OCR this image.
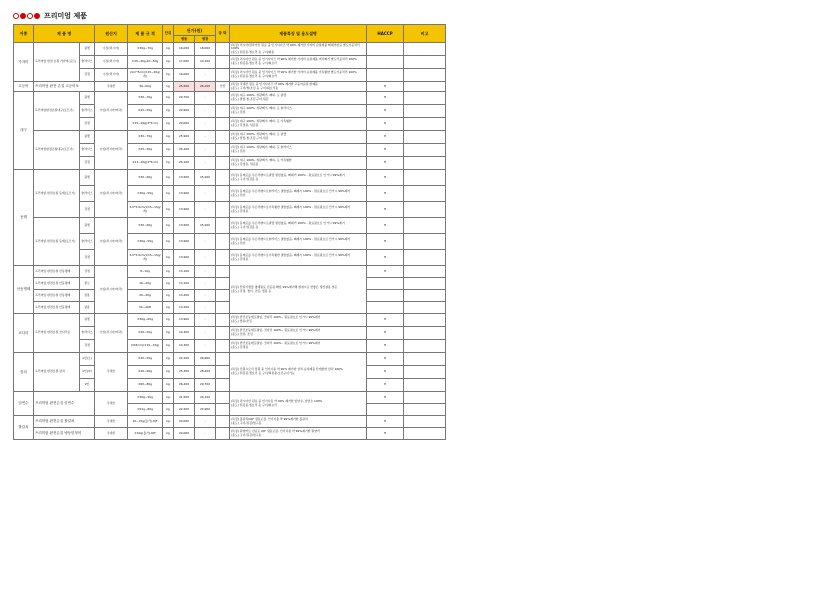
프리미엄 제품
어종	제 품 명		원산지	제 품 규 격	단위	단가(원)		등 락	제품특징 및 용도설명	HACCP	비고
						냉동	냉장				
가자미	프리미엄 완전 손질 가자미(포뜨)	필렛	수입(러시아)	±30g~70g	kg	16,000	18,000		(특징) 러시아/캄차카산 원료 중 인기사이즈 약 90% 제거한 가자미 순살제품 뼈제거완료 별도가공처리 100%
(용도) 튀김용,찜요리 등 구이/회용		
		슬라이스	수입(러시아)	±30~40g,40~50g	kg	17,000	19,100		(특징) 러시아산 원료 중 인기사이즈 약 90% 제거한 가자미 순살제품 머리뼈거 별도가공처리 100%
(용도) 튀김용,찜요리 등 구이/회요리		
		강정	수입(러시아)	2cm*5cm(±15~20g/개)	kg	16,000	-		(특징) 러시아산 원료 중 인기사이즈 약 90% 제거한 가자미 순살제품 가독형한 별도가공처리 100%
(용도) 튀김용,찜요리 등 구이/회요리		
고등어	프리미엄 완전 손질 고등어포		국내산	30~60g	kg	25,500	26,100	인상	(특징) 국내산 원료 중 인기사이즈 약 90% 제거한 고등어순살 완제품
(용도) 구이/찜/조림 등 구이/회요리용	H	
대구	프리미엄완전손질대구(포뜨기)	필렛	수입(러시아/미국)	±30~70g	kg	20,700	-		(특징) 대구 100%, 위판뼈기, 뼈피, 포 필렛
(용도) 찜탕,찜,조림,구이,튀김	H	
		슬라이스		±25~50g	kg	20,900	-		(특징) 대구 100%, 위판뼈기, 뼈피, 포 슬라이스
(용도) 전류	H	
		강정		±15~20g(3*5cm)	kg	20,000	-		(특징) 대구 100%, 위판뼈기, 뼈피, 포 가독형한
(용도) 강정용, 튀김용	H	
	프리미엄완전손질대구(포뜨기)	필렛	수입(러시아/미국)	±30~70g	kg	25,900	-		(특징) 대구 100%, 위판뼈기, 뼈피, 포 필렛
(용도) 찜탕,찜,조림,구이,튀김	H	
		슬라이스		±25~50g	kg	26,100	-		(특징) 대구 100%, 위판뼈기, 뼈피, 포 슬라이스
(용도) 전류	H	
		강정		±13~20g(3*5cm)	kg	26,100	-		(특징) 대구 100%, 위판뼈기, 뼈피, 포 가독형한
(용도) 강정용, 튀김용	H	
동태	프리미엄 완전손질 동태(포뜨기)	필렛	수입(러시아/미국)	±30~60g	kg	13,500	15,200		(특징) 동태포를 뚜끈서행으로필렛 절임없음, 뼈제거 100% , 원료필요로 인가시 99%제거
(용도) 구이,튀김용 등	H	
		슬라이스		±30g~50g	kg	13,900	-		(특징) 동태포를 뚜끈서행으로슬라이스 절임없음, 뼈제거 100% , 원료필요로 인가시 99%제거
(용도) 전류	H	
		강정		3.0*5.0cm(±15~15g/개)	kg	13,900	-		(특징) 동태포를 뚜끈서행으로가독형한 절임없음, 뼈제거 100% , 원료필요로 인가시 99%제거
(용도) 강정용	H	
	프리미엄 완전손질 동태(포뜨기)	필렛	수입(러시아/미국)	±30~60g	kg	13,500	15,200		(특징) 동태포를 뚜끈서행으로필렛 절임없음, 뼈제거 100% , 원료필요로 인가시 99%제거
(용도) 구이,튀김용 등	H	
		슬라이스		±30g~50g	kg	13,900	-		(특징) 동태포를 뚜끈서행으로슬라이스 절임없음, 뼈제거 100% , 원료필요로 인가시 99%제거
(용도) 전류	H	
		강정		3.0*5.0cm(±15~15g/개)	kg	13,900	-		(특징) 동태포를 뚜끈서행으로가독형한 절임없음, 뼈제거 100% , 원료필요로 인가시 99%제거
(용도) 강정용	H	
산동명태	프리미엄 완전손질 산동명태	강정	수입(러시아/미국)	8~10g	kg	13,100	-		(특징) 산란기생물 명태원료 진공된 빠름 99%제거해 절취으로 맛좋은 생산설용 얼은
(용도) 강정, 찜이, 조림, 찜용 등	H	
	프리미엄 완전손질 산동명태	짤구		16~20g	kg	13,100	-				
	프리미엄 완전손질 산동명태	전용		20~40g	kg	13,200	-				
	프리미엄 완전손질 산동명태	필용		30~40#	kg	13,200	-				
코다리	프리미엄 완전손질 코다리포	필렛	수입(러시아/미국)	±30g~60g	kg	13,900	-		(특징) 반건조동태포절임, 코다리 100% , 원료필요로 인가시 99%제거
(용도) 찜용/조림	H	
		슬라이스		±20~50g	kg	14,300	-		(특징) 반건조동태포절임, 코다리 100% , 원료필요로 인가시 99%제거
(용도) 전류, 조림	H	
		강정		(3X5cm)(±15~15g)	kg	14,300	-		(특징) 반건조동태포절임, 코다리 100% , 원료필요로 인가시 99%제거
(용도) 강정용	H	
삼치	프리미엄 완전손질 삼치	1인(소)	국내산	±30~50g	kg	24,100	26,900		(특징) 전원으로서 전원 중 인기사용 약 90% 제거한 삼치 순살제품 산재함한 삼치 100%
(용도) 튀김용,찜요리 등 구이/회용용,오븐구이가능	H	
		1인(中)		±40~60g	kg	25,300	28,400			H	
		2인		±60~80g	kg	26,400	29,700			H	
임연수	프리미엄 완전손질 임연수		국내산	±30g~50g	kg	21,500	24,100		(특징) 러시아산 원료 중 인기사용 약 90% 제거한 임연수, 임연수 100%
(용도) 튀김용,찜요리 등 구이/회요리	H	
				±51g~80g	kg	22,200	24,900				
볼갈치	프리미엄 완전손질 볼갈치		국내산	10~15g(틀가),IQF	kg	24,000	-		(특징) 볼갈치/IQF 냉동포장, 인기사용 약 99%제거한 볼갈치
(용도) 구이,튀김/찜구용	H	
	프리미엄 완전손질 냉동한정어		국내산	±10g(틀가),IQF	kg	24,000	-		(특징) 원양어로 진공포 IQF 냉동포장, 인기사용 약 99%제거한 원양어
(용도) 구이,튀김/찜구용	H	
